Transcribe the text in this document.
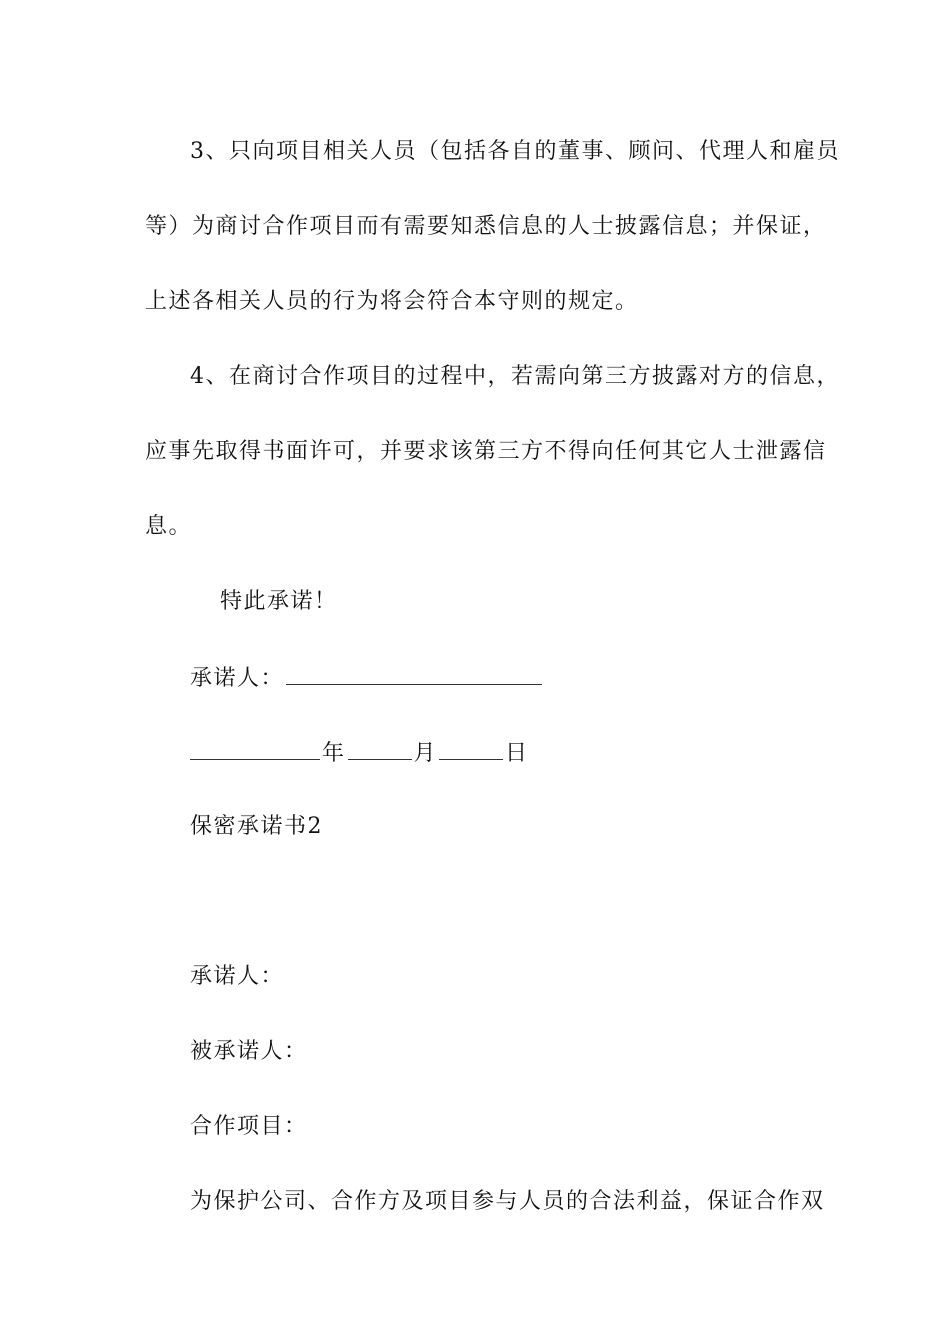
3、只向项目相关人员（包括各自的董事、顾问、代理人和雇员
等）为商讨合作项目而有需要知悉信息的人士披露信息；并保证，
上述各相关人员的行为将会符合本守则的规定。
4、在商讨合作项目的过程中，若需向第三方披露对方的信息，
应事先取得书面许可，并要求该第三方不得向任何其它人士泄露信
息。
特此承诺！
承诺人：
年	月	日
保密承诺书2
承诺人：
被承诺人：
合作项目：
为保护公司、合作方及项目参与人员的合法利益，保证合作双
